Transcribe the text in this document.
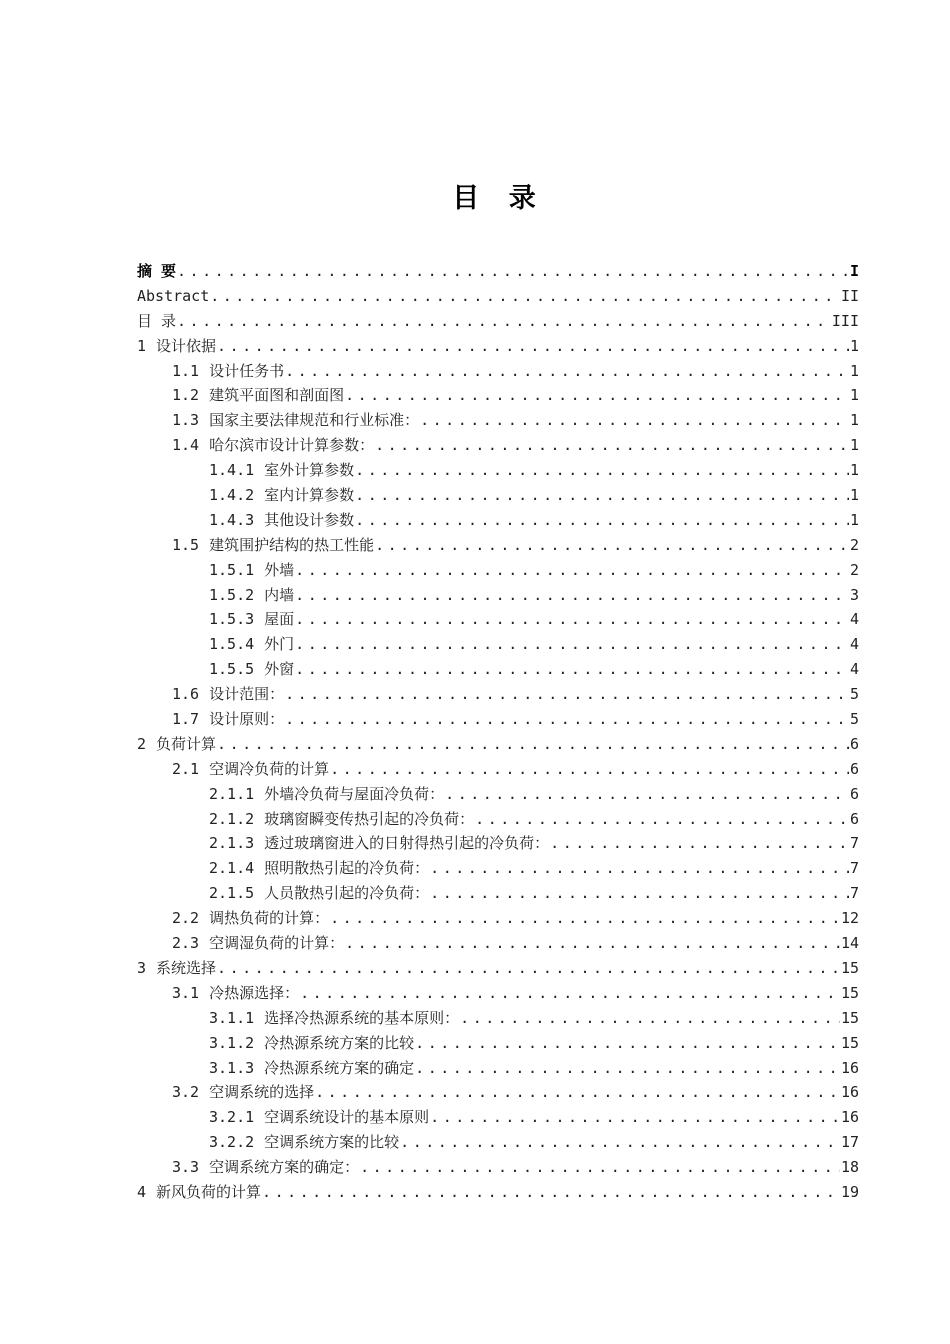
目 录
摘 要 .....	I
Abstract .....	II
目 录 .....	III
1 设计依据 .....	1
1.1 设计任务书 .....	1
1.2 建筑平面图和剖面图 .....	1
1.3 国家主要法律规范和行业标准： .....	1
1.4 哈尔滨市设计计算参数： .....	1
1.4.1 室外计算参数 .....	1
1.4.2 室内计算参数 .....	1
1.4.3 其他设计参数 .....	1
1.5 建筑围护结构的热工性能 .....	2
1.5.1 外墙 .....	2
1.5.2 内墙 .....	3
1.5.3 屋面 .....	4
1.5.4 外门 .....	4
1.5.5 外窗 .....	4
1.6 设计范围： .....	5
1.7 设计原则： .....	5
2 负荷计算 .....	6
2.1 空调冷负荷的计算 .....	6
2.1.1 外墙冷负荷与屋面冷负荷： .....	6
2.1.2 玻璃窗瞬变传热引起的冷负荷： .....	6
2.1.3 透过玻璃窗进入的日射得热引起的冷负荷： .....	7
2.1.4 照明散热引起的冷负荷： .....	7
2.1.5 人员散热引起的冷负荷： .....	7
2.2 调热负荷的计算： .....	12
2.3 空调湿负荷的计算： .....	14
3 系统选择 .....	15
3.1 冷热源选择： .....	15
3.1.1 选择冷热源系统的基本原则： .....	15
3.1.2 冷热源系统方案的比较 .....	15
3.1.3 冷热源系统方案的确定 .....	16
3.2 空调系统的选择 .....	16
3.2.1 空调系统设计的基本原则 .....	16
3.2.2 空调系统方案的比较 .....	17
3.3 空调系统方案的确定： .....	18
4 新风负荷的计算 .....	19
